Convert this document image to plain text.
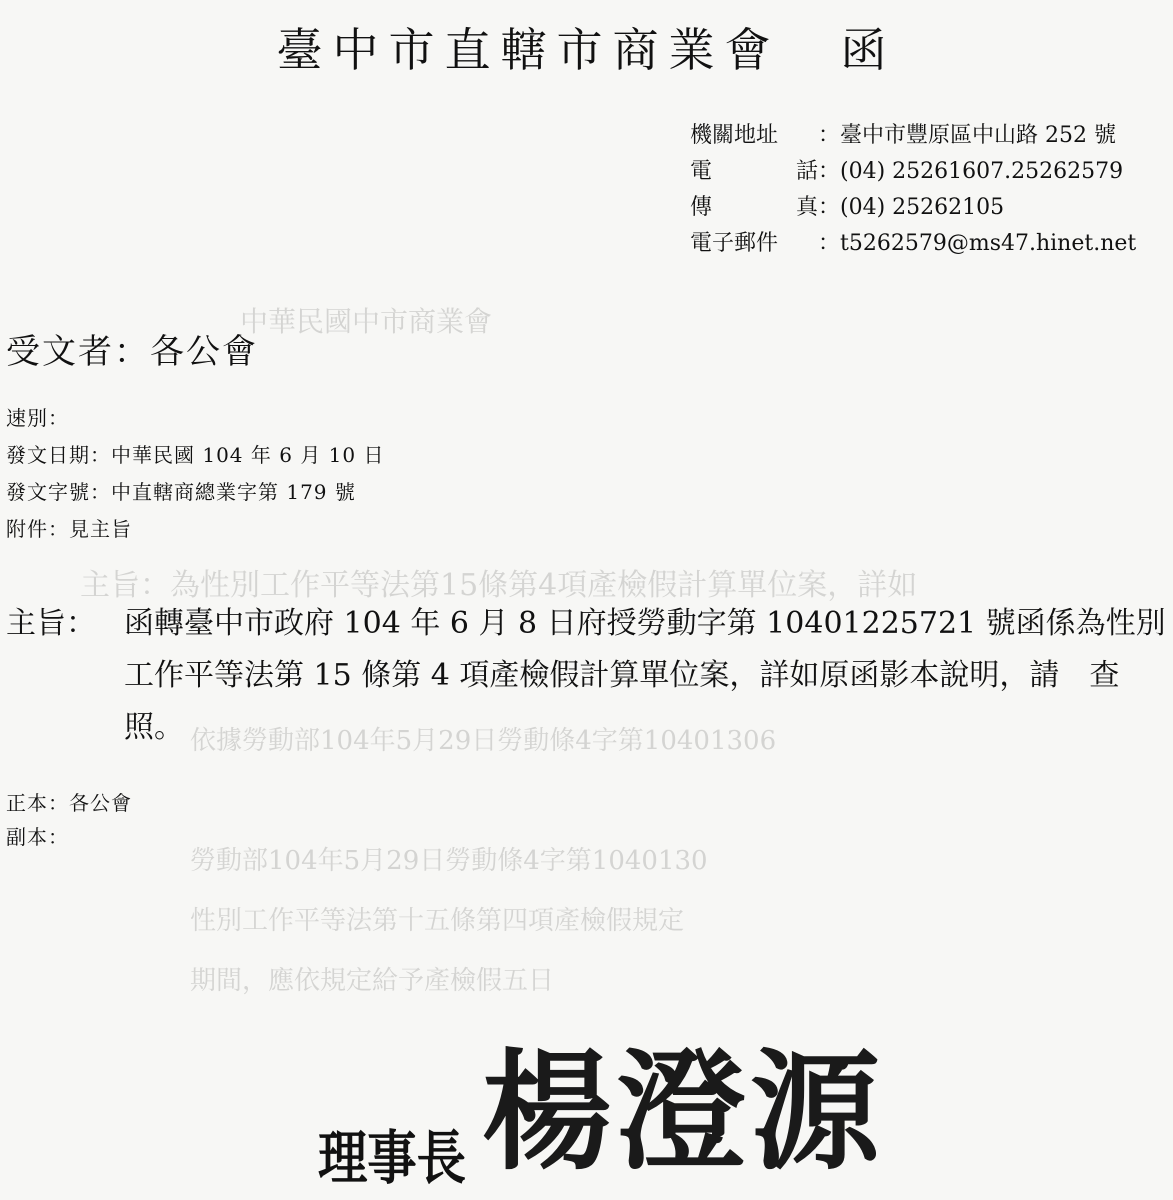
中華民國中市商業會
主旨：為性別工作平等法第15條第4項產檢假計算單位案，詳如
依據勞動部104年5月29日勞動條4字第10401306
勞動部104年5月29日勞動條4字第1040130
性別工作平等法第十五條第四項產檢假規定
期間，應依規定給予產檢假五日
臺中市直轄市商業會 函
機關地址 ： 臺中市豐原區中山路 252 號
電	話 ： (04) 25261607.25262579
傳	真 ： (04) 25262105
電子郵件 ： t5262579@ms47.hinet.net
受文者：各公會
速別：
發文日期：中華民國 104 年 6 月 10 日
發文字號：中直轄商總業字第 179 號
附件：見主旨
主旨： 函轉臺中市政府 104 年 6 月 8 日府授勞動字第 10401225721 號函係為性別工作平等法第 15 條第 4 項產檢假計算單位案，詳如原函影本說明，請　查照。
正本：各公會
副本：
理事長 楊澄源
